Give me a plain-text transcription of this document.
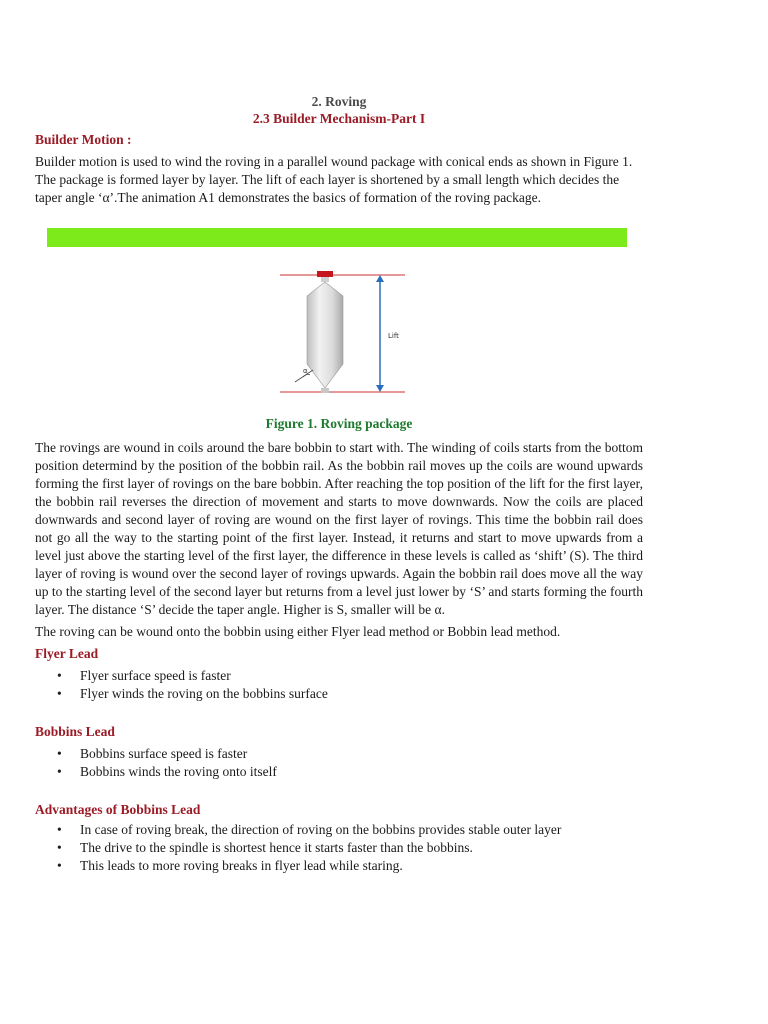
2. Roving
2.3 Builder Mechanism-Part I
Builder Motion :

Builder motion is used to wind the roving in a parallel wound package with conical ends as shown in Figure 1. The package is formed layer by layer. The lift of each layer is shortened by a small length which decides the taper angle ‘α’.The animation A1 demonstrates the basics of formation of the roving package.

α
Lift
Figure 1. Roving package

The rovings are wound in coils around the bare bobbin to start with. The winding of coils starts from the bottom position determind by the position of the bobbin rail. As the bobbin rail moves up the coils are wound upwards forming the first layer of rovings on the bare bobbin. After reaching the top position of the lift for the first layer, the bobbin rail reverses the direction of movement and starts to move downwards. Now the coils are placed downwards and second layer of roving are wound on the first layer of rovings. This time the bobbin rail does not go all the way to the starting point of the first layer. Instead, it returns and start to move upwards from a level just above the starting level of the first layer, the difference in these levels is called as ‘shift’ (S). The third layer of roving is wound over the second layer of rovings upwards. Again the bobbin rail does move all the way up to the starting level of the second layer but returns from a level just lower by ‘S’ and starts forming the fourth layer. The distance ‘S’ decide the taper angle. Higher is S, smaller will be α.

The roving can be wound onto the bobbin using either Flyer lead method or Bobbin lead method.

Flyer Lead
• Flyer surface speed is faster
• Flyer winds the roving on the bobbins surface
Bobbins Lead
• Bobbins surface speed is faster
• Bobbins winds the roving onto itself
Advantages of Bobbins Lead
• In case of roving break, the direction of roving on the bobbins provides stable outer layer
• The drive to the spindle is shortest hence it starts faster than the bobbins.
• This leads to more roving breaks in flyer lead while staring.
